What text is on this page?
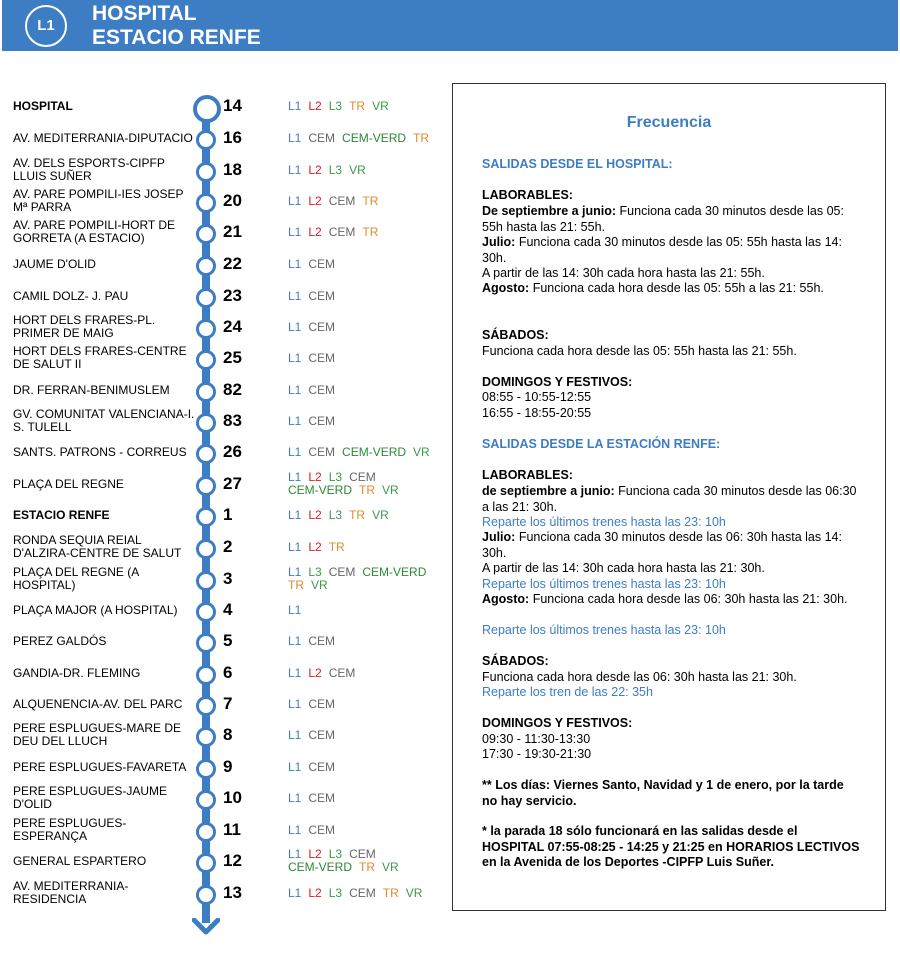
L1
HOSPITAL
ESTACIO RENFE
HOSPITAL	14	L1 L2 L3 TR VR
AV. MEDITERRANIA-DIPUTACIO	16	L1 CEM CEM-VERD TR
AV. DELS ESPORTS-CIPFP LLUIS SUÑER	18	L1 L2 L3 VR
AV. PARE POMPILI-IES JOSEP Mª PARRA	20	L1 L2 CEM TR
AV. PARE POMPILI-HORT DE GORRETA (A ESTACIO)	21	L1 L2 CEM TR
JAUME D'OLID	22	L1 CEM
CAMIL DOLZ- J. PAU	23	L1 CEM
HORT DELS FRARES-PL. PRIMER DE MAIG	24	L1 CEM
HORT DELS FRARES-CENTRE DE SALUT II	25	L1 CEM
DR. FERRAN-BENIMUSLEM	82	L1 CEM
GV. COMUNITAT VALENCIANA-I. S. TULELL	83	L1 CEM
SANTS. PATRONS - CORREUS	26	L1 CEM CEM-VERD VR
PLAÇA DEL REGNE	27	L1 L2 L3 CEM
CEM-VERD TR VR
ESTACIO RENFE	1	L1 L2 L3 TR VR
RONDA SEQUIA REIAL D'ALZIRA-CENTRE DE SALUT	2	L1 L2 TR
PLAÇA DEL REGNE (A HOSPITAL)	3	L1 L3 CEM CEM-VERD
TR VR
PLAÇA MAJOR (A HOSPITAL)	4	L1
PEREZ GALDÓS	5	L1 CEM
GANDIA-DR. FLEMING	6	L1 L2 CEM
ALQUENENCIA-AV. DEL PARC	7	L1 CEM
PERE ESPLUGUES-MARE DE DEU DEL LLUCH	8	L1 CEM
PERE ESPLUGUES-FAVARETA	9	L1 CEM
PERE ESPLUGUES-JAUME D'OLID	10	L1 CEM
PERE ESPLUGUES-ESPERANÇA	11	L1 CEM
GENERAL ESPARTERO	12	L1 L2 L3 CEM
CEM-VERD TR VR
AV. MEDITERRANIA-RESIDENCIA	13	L1 L2 L3 CEM TR VR
Frecuencia

SALIDAS DESDE EL HOSPITAL:

LABORABLES:

De septiembre a junio: Funciona cada 30 minutos desde las 05: 55h hasta las 21: 55h.

Julio: Funciona cada 30 minutos desde las 05: 55h hasta las 14: 30h.

A partir de las 14: 30h cada hora hasta las 21: 55h.

Agosto: Funciona cada hora desde las 05: 55h a las 21: 55h.

SÁBADOS:

Funciona cada hora desde las 05: 55h hasta las 21: 55h.

DOMINGOS Y FESTIVOS:

08:55 - 10:55-12:55

16:55 - 18:55-20:55

SALIDAS DESDE LA ESTACIÓN RENFE:

LABORABLES:

de septiembre a junio: Funciona cada 30 minutos desde las 06:30 a las 21: 30h.

Reparte los últimos trenes hasta las 23: 10h

Julio: Funciona cada 30 minutos desde las 06: 30h hasta las 14: 30h.

A partir de las 14: 30h cada hora hasta las 21: 30h.

Reparte los últimos trenes hasta las 23: 10h

Agosto: Funciona cada hora desde las 06: 30h hasta las 21: 30h.

Reparte los últimos trenes hasta las 23: 10h

SÁBADOS:

Funciona cada hora desde las 06: 30h hasta las 21: 30h.

Reparte los tren de las 22: 35h

DOMINGOS Y FESTIVOS:

09:30 - 11:30-13:30

17:30 - 19:30-21:30

** Los días: Viernes Santo, Navidad y 1 de enero, por la tarde no hay servicio.

* la parada 18 sólo funcionará en las salidas desde el HOSPITAL 07:55-08:25 - 14:25 y 21:25 en HORARIOS LECTIVOS en la Avenida de los Deportes -CIPFP Luis Suñer.
